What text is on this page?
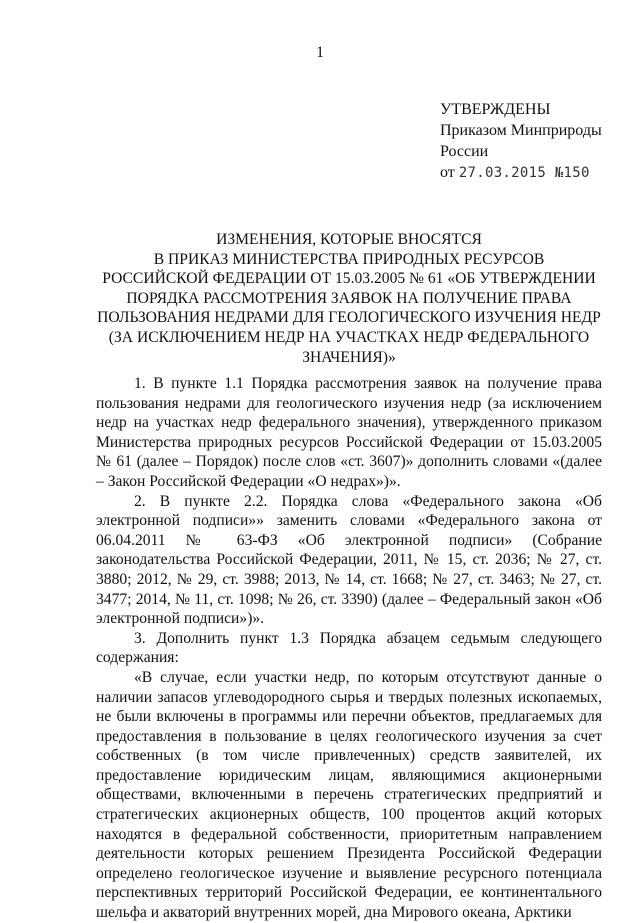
1
УТВЕРЖДЕНЫ
Приказом Минприроды
России
от 27.03.2015 №150
ИЗМЕНЕНИЯ, КОТОРЫЕ ВНОСЯТСЯ
В ПРИКАЗ МИНИСТЕРСТВА ПРИРОДНЫХ РЕСУРСОВ
РОССИЙСКОЙ ФЕДЕРАЦИИ ОТ 15.03.2005 № 61 «ОБ УТВЕРЖДЕНИИ
ПОРЯДКА РАССМОТРЕНИЯ ЗАЯВОК НА ПОЛУЧЕНИЕ ПРАВА
ПОЛЬЗОВАНИЯ НЕДРАМИ ДЛЯ ГЕОЛОГИЧЕСКОГО ИЗУЧЕНИЯ НЕДР
(ЗА ИСКЛЮЧЕНИЕМ НЕДР НА УЧАСТКАХ НЕДР ФЕДЕРАЛЬНОГО
ЗНАЧЕНИЯ)»

1. В пункте 1.1 Порядка рассмотрения заявок на получение права пользования недрами для геологического изучения недр (за исключением недр на участках недр федерального значения), утвержденного приказом Министерства природных ресурсов Российской Федерации от 15.03.2005 № 61 (далее – Порядок) после слов «ст. 3607)» дополнить словами «(далее – Закон Российской Федерации «О недрах»)».

2. В пункте 2.2. Порядка слова «Федерального закона «Об электронной подписи»» заменить словами «Федерального закона от 06.04.2011 № 63-ФЗ «Об электронной подписи» (Собрание законодательства Российской Федерации, 2011, № 15, ст. 2036; № 27, ст. 3880; 2012, № 29, ст. 3988; 2013, № 14, ст. 1668; № 27, ст. 3463; № 27, ст. 3477; 2014, № 11, ст. 1098; № 26, ст. 3390) (далее – Федеральный закон «Об электронной подписи»)».

3. Дополнить пункт 1.3 Порядка абзацем седьмым следующего содержания:

«В случае, если участки недр, по которым отсутствуют данные о наличии запасов углеводородного сырья и твердых полезных ископаемых, не были включены в программы или перечни объектов, предлагаемых для предоставления в пользование в целях геологического изучения за счет собственных (в том числе привлеченных) средств заявителей, их предоставление юридическим лицам, являющимися акционерными обществами, включенными в перечень стратегических предприятий и стратегических акционерных обществ, 100 процентов акций которых находятся в федеральной собственности, приоритетным направлением деятельности которых решением Президента Российской Федерации определено геологическое изучение и выявление ресурсного потенциала перспективных территорий Российской Федерации, ее континентального шельфа и акваторий внутренних морей, дна Мирового океана, Арктики
